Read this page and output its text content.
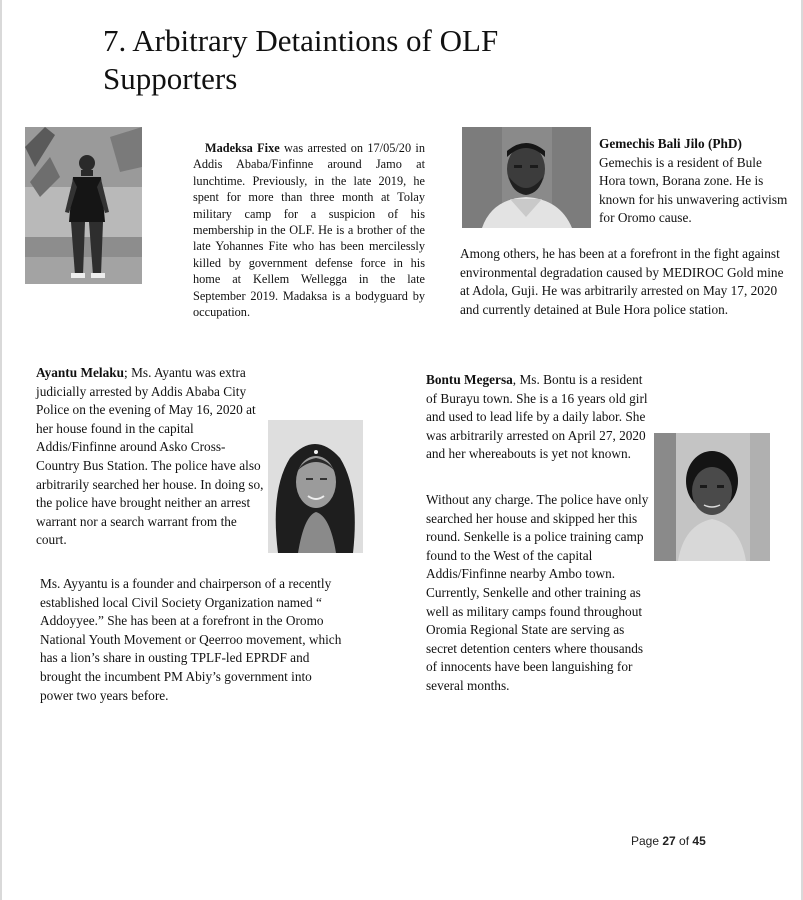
7. Arbitrary Detaintions of OLF
Supporters
Madeksa Fixe was arrested on 17/05/20 in Addis Ababa/Finfinne around Jamo at lunchtime. Previously, in the late 2019, he spent for more than three month at Tolay military camp for a suspicion of his membership in the OLF. He is a brother of the late Yohannes Fite who has been mercilessly killed by government defense force in his home at Kellem Wellegga in the late September 2019. Madaksa is a bodyguard by occupation.
Gemechis Bali Jilo (PhD)
Gemechis is a resident of Bule Hora town, Borana zone. He is known for his unwavering activism for Oromo cause.
Among others, he has been at a forefront in the fight against environmental degradation caused by MEDIROC Gold mine at Adola, Guji. He was arbitrarily arrested on May 17, 2020 and currently detained at Bule Hora police station.
Ayantu Melaku; Ms. Ayantu was extra judicially arrested by Addis Ababa City Police on the evening of May 16, 2020 at her house found in the capital Addis/Finfinne around Asko Cross-Country Bus Station. The police have also arbitrarily searched her house. In doing so, the police have brought neither an arrest warrant nor a search warrant from the court.
Ms. Ayyantu is a founder and chairperson of a recently established local Civil Society Organization named “ Addoyyee.” She has been at a forefront in the Oromo National Youth Movement or Qeerroo movement, which has a lion’s share in ousting TPLF-led EPRDF and brought the incumbent PM Abiy’s government into power two years before.
Bontu Megersa, Ms. Bontu is a resident of Burayu town. She is a 16 years old girl and used to lead life by a daily labor. She was arbitrarily arrested on April 27, 2020 and her whereabouts is yet not known.
Without any charge. The police have only searched her house and skipped her this round. Senkelle is a police training camp found to the West of the capital Addis/Finfinne nearby Ambo town. Currently, Senkelle and other training as well as military camps found throughout Oromia Regional State are serving as secret detention centers where thousands of innocents have been languishing for several months.
Page 27 of 45
